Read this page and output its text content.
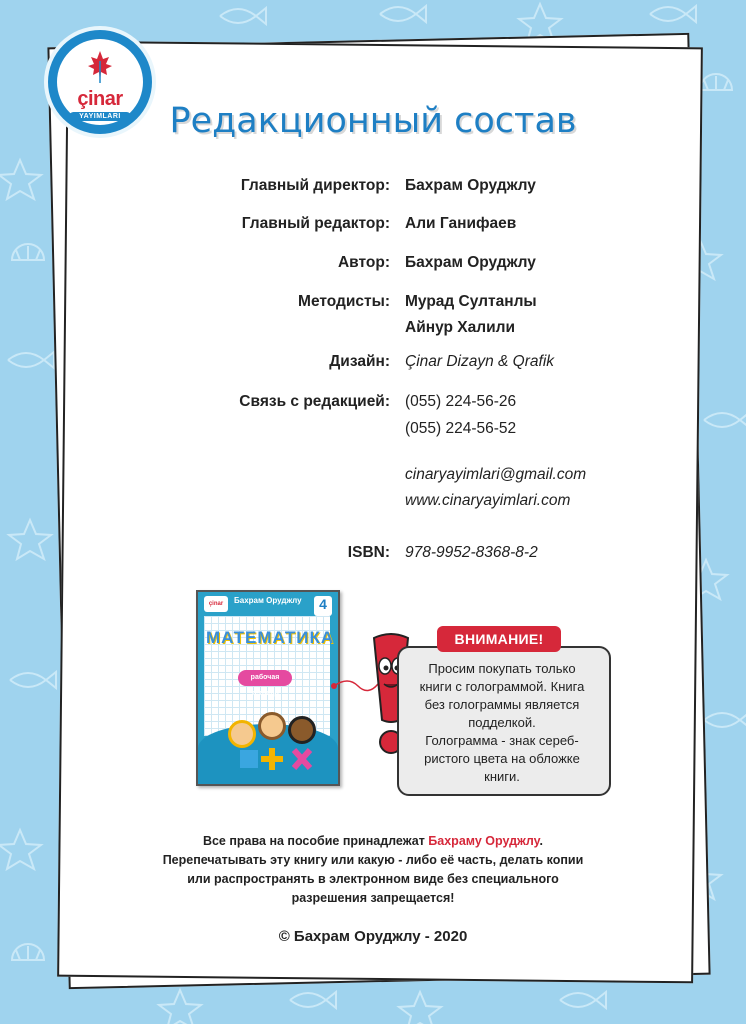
çinar
YAYIMLARI	Редакционный состав
Главный директор: Бахрам Оруджлу
Главный редактор: Али Ганифаев
Автор: Бахрам Оруджлу
Методисты: Мурад Султанлы
Айнур Халили
Дизайн: Çinar Dizayn & Qrafik
Связь с редакцией: (055) 224-56-26
(055) 224-56-52
cinaryayimlari@gmail.com
www.cinaryayimlari.com
ISBN: 978-9952-8368-8-2
çinar	Бахрам Оруджлу	4
МАТЕМАТИКА
рабочая тетрадь
ВНИМАНИЕ!
Просим покупать только
книги с голограммой. Книга
без голограммы является
подделкой.
Голограмма - знак сереб-
ристого цвета на обложке
книги.
Все права на пособие принадлежат Бахраму Оруджлу.
Перепечатывать эту книгу или какую - либо её часть, делать копии
или распространять в электронном виде без специального
разрешения запрещается!
© Бахрам Оруджлу - 2020
